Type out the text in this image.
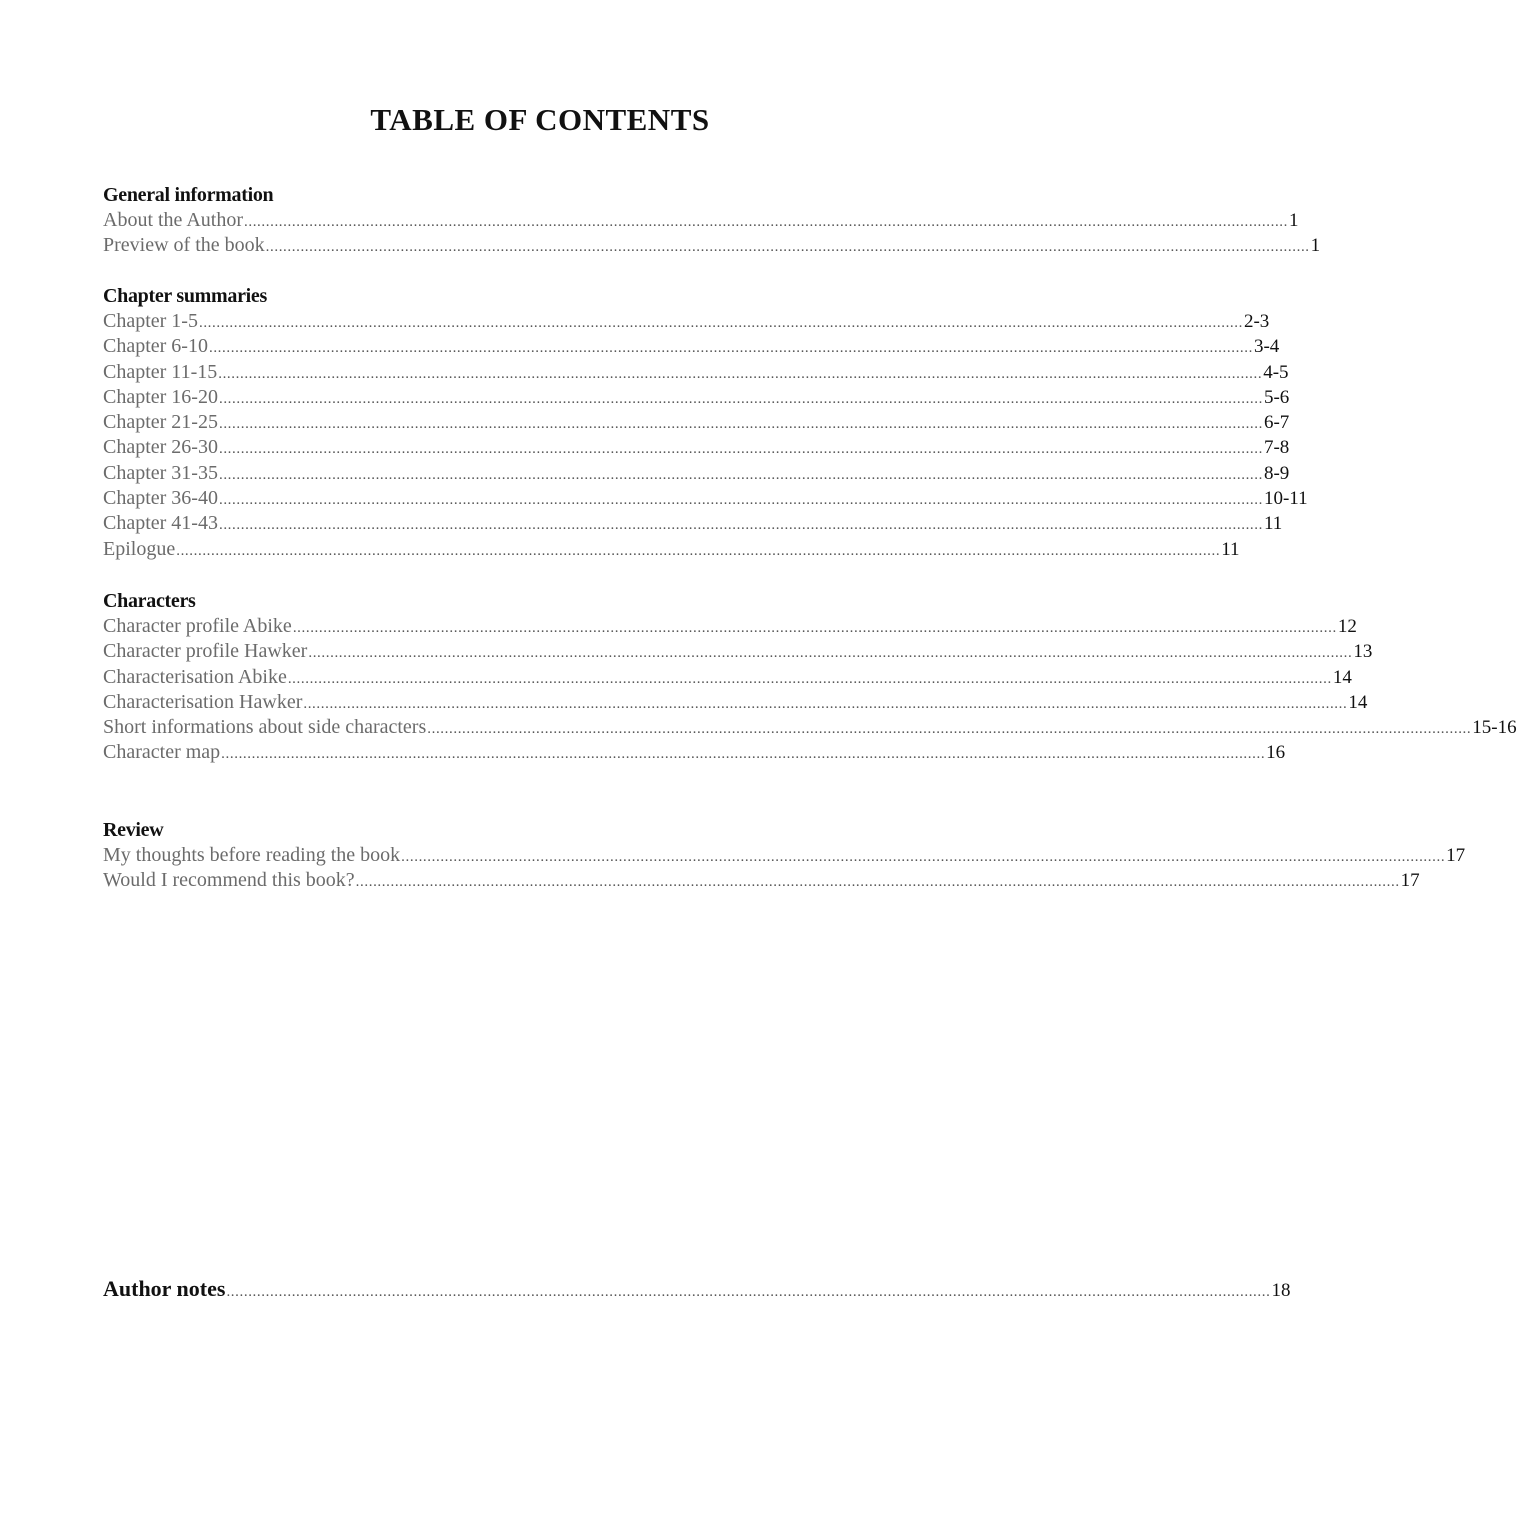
TABLE OF CONTENTS
General information
About the Author ................................................................................................................................................................................................................................................ 1
Preview of the book ................................................................................................................................................................................................................................................ 1
Chapter summaries
Chapter 1-5 ................................................................................................................................................................................................................................................ 2-3
Chapter 6-10 ................................................................................................................................................................................................................................................ 3-4
Chapter 11-15 ................................................................................................................................................................................................................................................ 4-5
Chapter 16-20 ................................................................................................................................................................................................................................................ 5-6
Chapter 21-25 ................................................................................................................................................................................................................................................ 6-7
Chapter 26-30 ................................................................................................................................................................................................................................................ 7-8
Chapter 31-35 ................................................................................................................................................................................................................................................ 8-9
Chapter 36-40 ................................................................................................................................................................................................................................................ 10-11
Chapter 41-43 ................................................................................................................................................................................................................................................ 11
Epilogue ................................................................................................................................................................................................................................................ 11
Characters
Character profile Abike ................................................................................................................................................................................................................................................ 12
Character profile Hawker ................................................................................................................................................................................................................................................ 13
Characterisation Abike ................................................................................................................................................................................................................................................ 14
Characterisation Hawker ................................................................................................................................................................................................................................................ 14
Short informations about side characters ................................................................................................................................................................................................................................................ 15-16
Character map ................................................................................................................................................................................................................................................ 16
Review
My thoughts before reading the book ................................................................................................................................................................................................................................................ 17
Would I recommend this book? ................................................................................................................................................................................................................................................ 17
Author notes ................................................................................................................................................................................................................................................ 18
